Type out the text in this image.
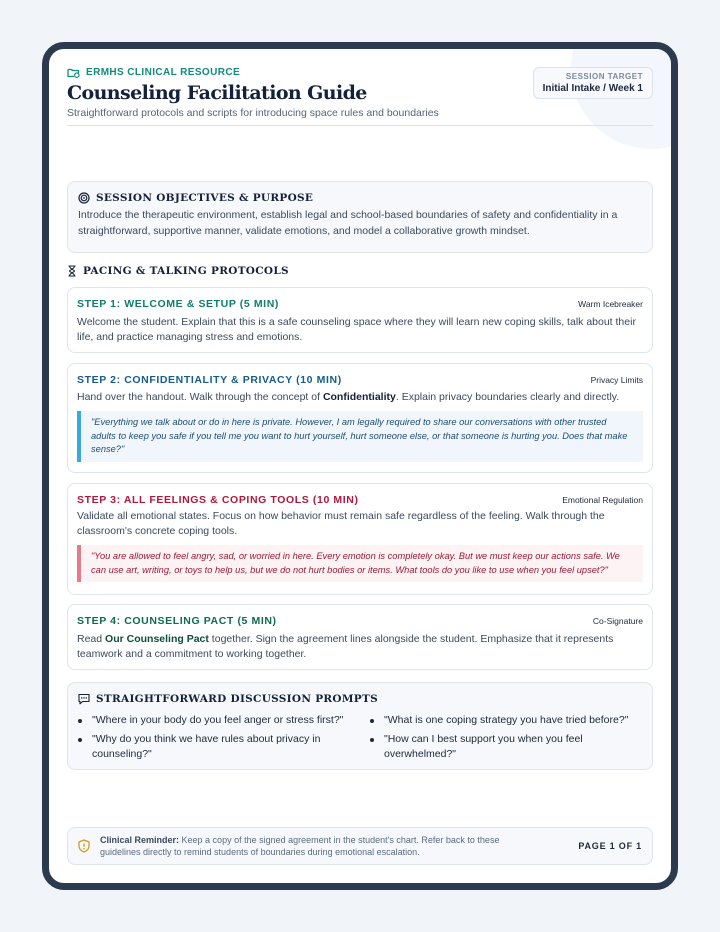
ERMHS CLINICAL RESOURCE
Counseling Facilitation Guide
Straightforward protocols and scripts for introducing space rules and boundaries
SESSION TARGET
Initial Intake / Week 1
SESSION OBJECTIVES & PURPOSE
Introduce the therapeutic environment, establish legal and school-based boundaries of safety and confidentiality in a straightforward, supportive manner, validate emotions, and model a collaborative growth mindset.
PACING & TALKING PROTOCOLS
STEP 1: WELCOME & SETUP (5 MIN)	Warm Icebreaker
Welcome the student. Explain that this is a safe counseling space where they will learn new coping skills, talk about their life, and practice managing stress and emotions.
STEP 2: CONFIDENTIALITY & PRIVACY (10 MIN)	Privacy Limits
Hand over the handout. Walk through the concept of Confidentiality. Explain privacy boundaries clearly and directly.
"Everything we talk about or do in here is private. However, I am legally required to share our conversations with other trusted adults to keep you safe if you tell me you want to hurt yourself, hurt someone else, or that someone is hurting you. Does that make sense?"
STEP 3: ALL FEELINGS & COPING TOOLS (10 MIN)	Emotional Regulation
Validate all emotional states. Focus on how behavior must remain safe regardless of the feeling. Walk through the classroom's concrete coping tools.
"You are allowed to feel angry, sad, or worried in here. Every emotion is completely okay. But we must keep our actions safe. We can use art, writing, or toys to help us, but we do not hurt bodies or items. What tools do you like to use when you feel upset?"
STEP 4: COUNSELING PACT (5 MIN)	Co-Signature
Read Our Counseling Pact together. Sign the agreement lines alongside the student. Emphasize that it represents teamwork and a commitment to working together.
STRAIGHTFORWARD DISCUSSION PROMPTS
"Where in your body do you feel anger or stress first?"	"What is one coping strategy you have tried before?"
"Why do you think we have rules about privacy in counseling?"
"How can I best support you when you feel overwhelmed?"
Clinical Reminder: Keep a copy of the signed agreement in the student's chart. Refer back to these guidelines directly to remind students of boundaries during emotional escalation.
PAGE 1 OF 1
